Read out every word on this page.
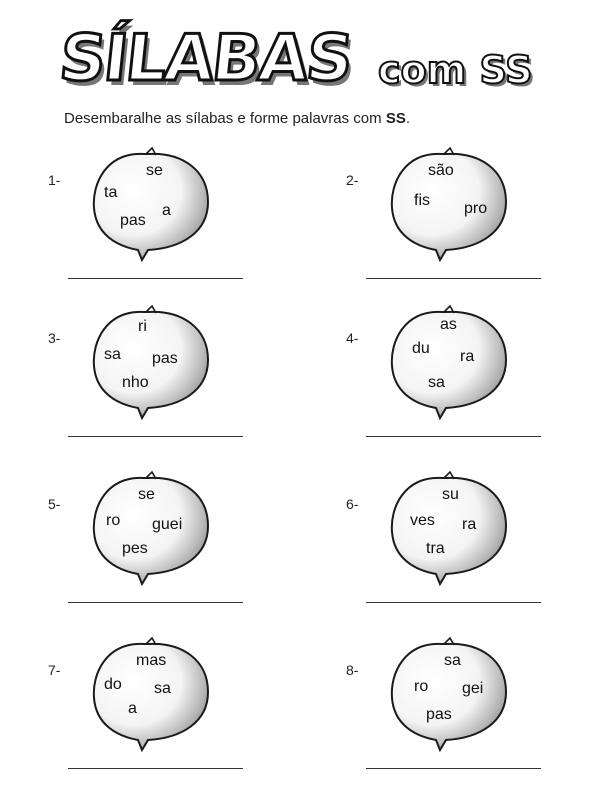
SÍLABAS com SS
Desembaralhe as sílabas e forme palavras com SS.
1-
se
ta
a
pas
2-
são
fis pro
3-
ri
sa pas
nho
4-
as
du ra
sa
5-
se
ro guei
pes
6-
su
ves ra
tra
7-
mas
do sa
a
8-
sa
ro gei
pas
